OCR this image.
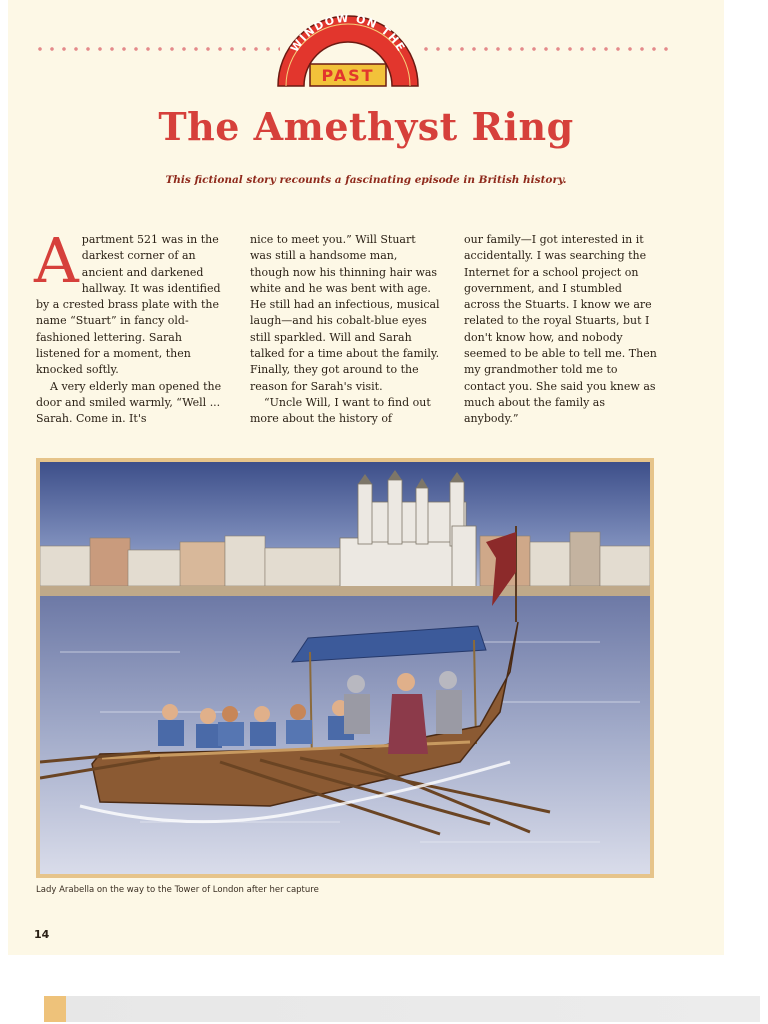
WINDOW ON THE
PAST
The Amethyst Ring
This fictional story recounts a fascinating episode in British history.

Apartment 521 was in the darkest corner of an ancient and darkened hallway. It was identified by a crested brass plate with the name “Stuart” in fancy old-fashioned lettering. Sarah listened for a moment, then knocked softly.

A very elderly man opened the door and smiled warmly, “Well ... Sarah. Come in. It's

nice to meet you.” Will Stuart was still a handsome man, though now his thinning hair was white and he was bent with age. He still had an infectious, musical laugh—and his cobalt-blue eyes still sparkled. Will and Sarah talked for a time about the family. Finally, they got around to the reason for Sarah's visit.

“Uncle Will, I want to find out more about the history of

our family—I got interested in it accidentally. I was searching the Internet for a school project on government, and I stumbled across the Stuarts. I know we are related to the royal Stuarts, but I don't know how, and nobody seemed to be able to tell me. Then my grandmother told me to contact you. She said you knew as much about the family as anybody.”

Lady Arabella on the way to the Tower of London after her capture
14
